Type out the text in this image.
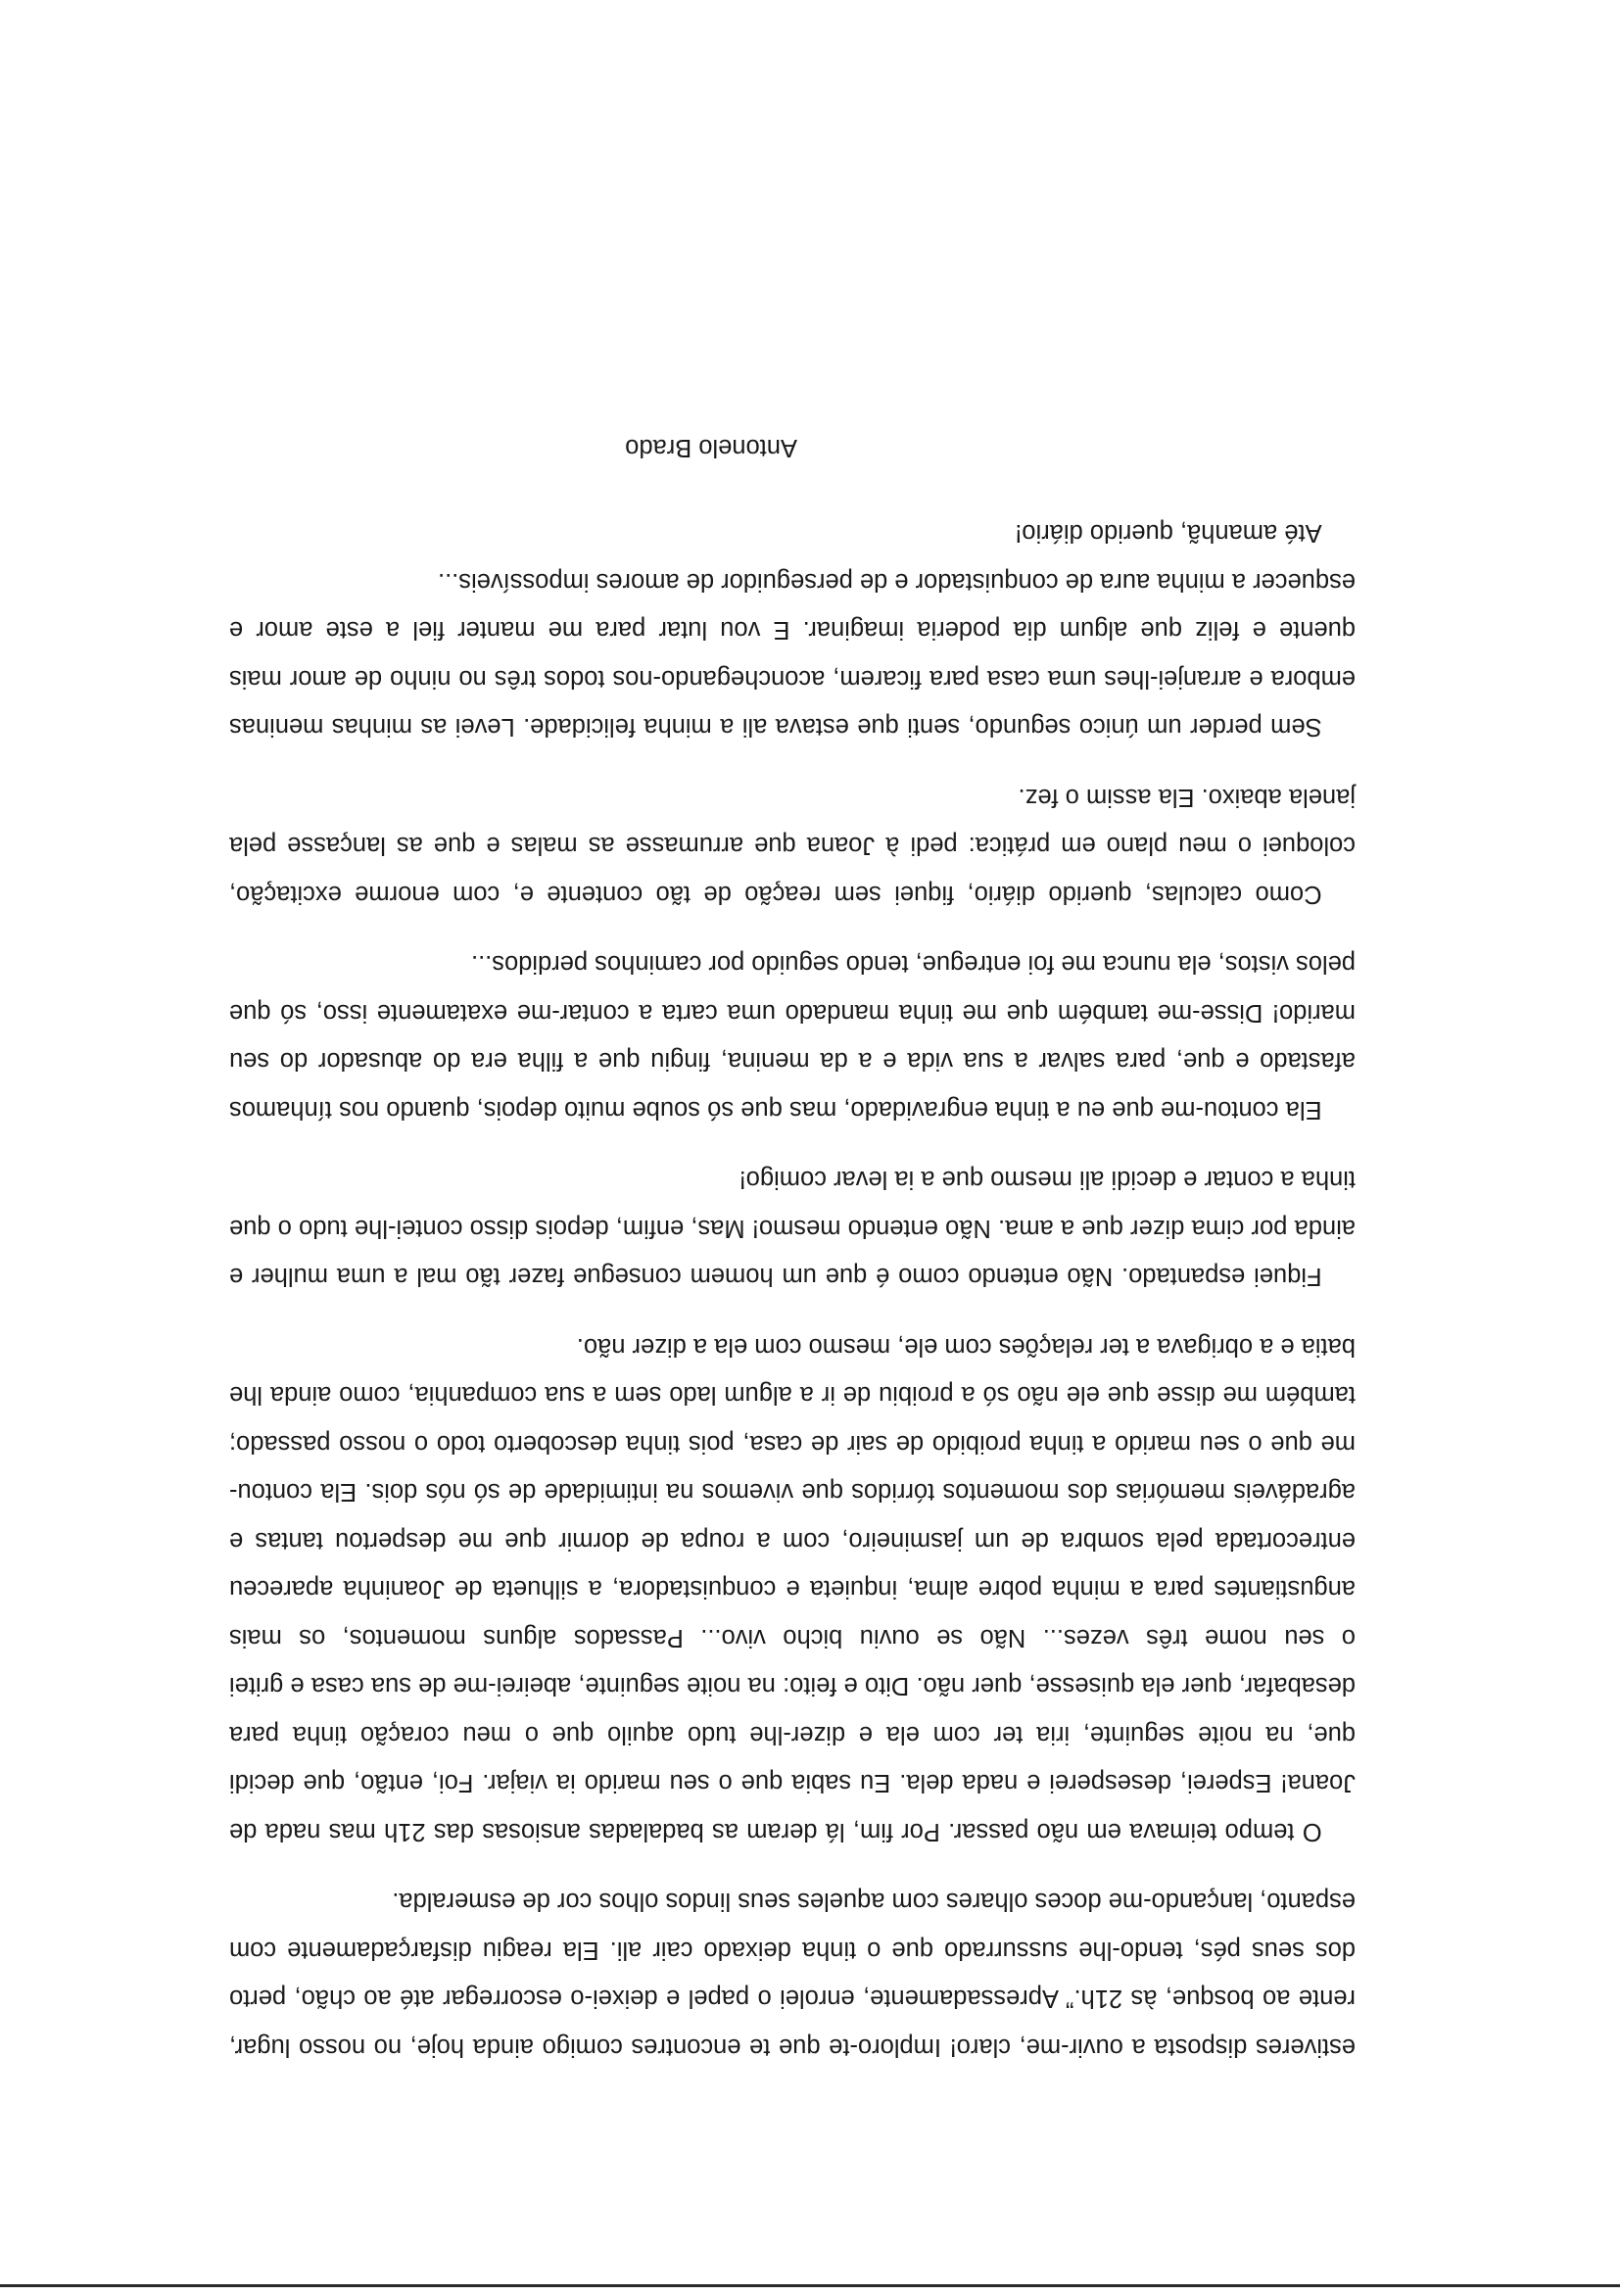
estiveres disposta a ouvir-me, claro! Imploro-te que te encontres comigo ainda hoje, no nosso lugar, rente ao bosque, às 21h.” Apressadamente, enrolei o papel e deixei-o escorregar até ao chão, perto dos seus pés, tendo-lhe sussurrado que o tinha deixado cair ali. Ela reagiu disfarçadamente com espanto, lançando-me doces olhares com aqueles seus lindos olhos cor de esmeralda.

O tempo teimava em não passar. Por fim, lá deram as badaladas ansiosas das 21h mas nada de Joana! Esperei, desesperei e nada dela. Eu sabia que o seu marido ia viajar. Foi, então, que decidi que, na noite seguinte, iria ter com ela e dizer-lhe tudo aquilo que o meu coração tinha para desabafar, quer ela quisesse, quer não. Dito e feito: na noite seguinte, abeirei-me de sua casa e gritei o seu nome três vezes... Não se ouviu bicho vivo... Passados alguns momentos, os mais angustiantes para a minha pobre alma, inquieta e conquistadora, a silhueta de Joaninha apareceu entrecortada pela sombra de um jasmineiro, com a roupa de dormir que me despertou tantas e agradáveis memórias dos momentos tórridos que vivemos na intimidade de só nós dois. Ela contou-me que o seu marido a tinha proibido de sair de casa, pois tinha descoberto todo o nosso passado; também me disse que ele não só a proibiu de ir a algum lado sem a sua companhia, como ainda lhe batia e a obrigava a ter relações com ele, mesmo com ela a dizer não.

Fiquei espantado. Não entendo como é que um homem consegue fazer tão mal a uma mulher e ainda por cima dizer que a ama. Não entendo mesmo! Mas, enfim, depois disso contei-lhe tudo o que tinha a contar e decidi ali mesmo que a ia levar comigo!

Ela contou-me que eu a tinha engravidado, mas que só soube muito depois, quando nos tínhamos afastado e que, para salvar a sua vida e a da menina, fingiu que a filha era do abusador do seu marido! Disse-me também que me tinha mandado uma carta a contar-me exatamente isso, só que pelos vistos, ela nunca me foi entregue, tendo seguido por caminhos perdidos...

Como calculas, querido diário, fiquei sem reação de tão contente e, com enorme excitação, coloquei o meu plano em prática: pedi à Joana que arrumasse as malas e que as lançasse pela janela abaixo. Ela assim o fez.

Sem perder um único segundo, senti que estava ali a minha felicidade. Levei as minhas meninas embora e arranjei-lhes uma casa para ficarem, aconchegando-nos todos três no ninho de amor mais quente e feliz que algum dia poderia imaginar. E vou lutar para me manter fiel a este amor e esquecer a minha aura de conquistador e de perseguidor de amores impossíveis...

Até amanhã, querido diário!

Antonelo Brado
